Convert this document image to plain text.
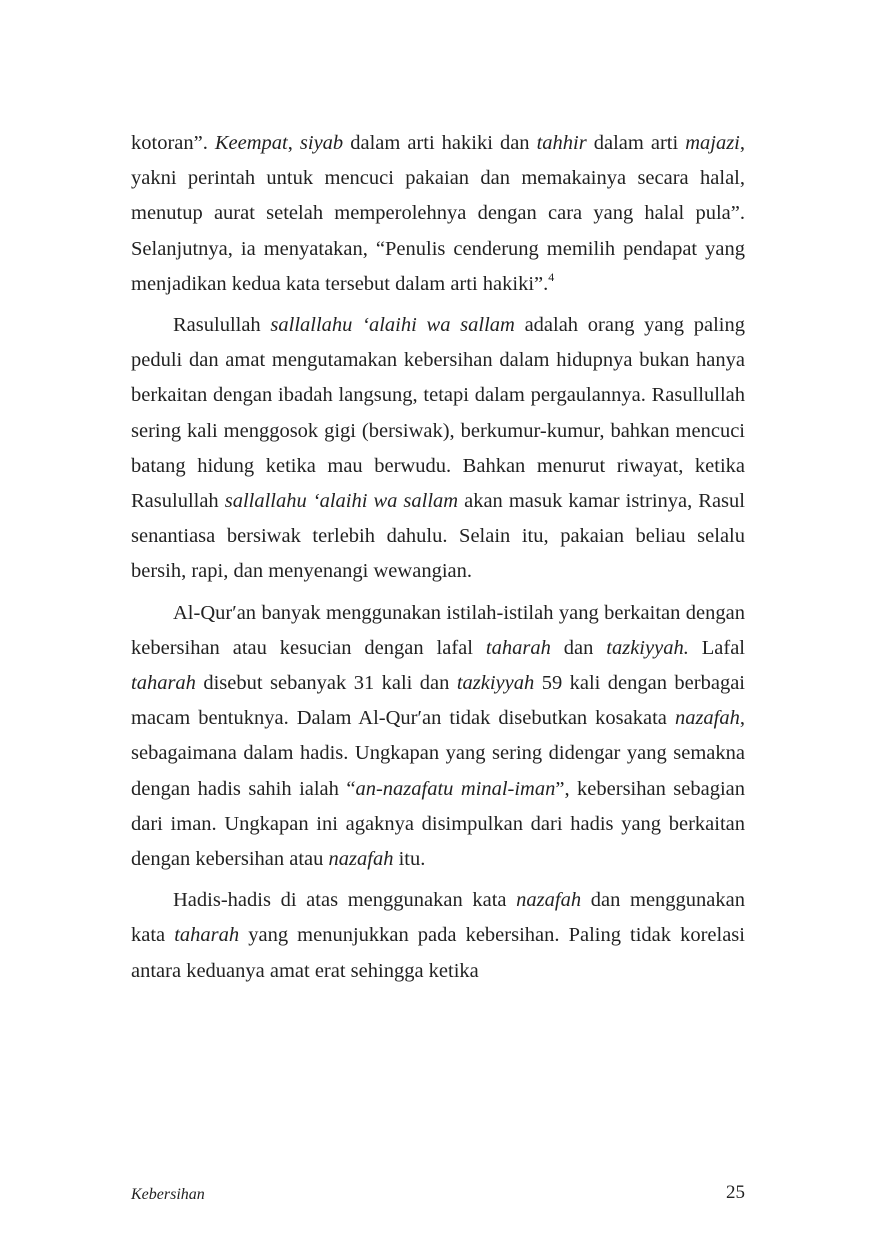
kotoran”. Keempat, siyab dalam arti hakiki dan tahhir dalam arti majazi, yakni perintah untuk mencuci pakaian dan memakainya secara halal, menutup aurat setelah memperolehnya dengan cara yang halal pula”. Selanjutnya, ia menyatakan, “Penulis cenderung memilih pendapat yang menjadikan kedua kata tersebut dalam arti hakiki”.$^4$

Rasulullah sallallahu ‘alaihi wa sallam adalah orang yang paling peduli dan amat mengutamakan kebersihan dalam hidupnya bukan hanya berkaitan dengan ibadah langsung, tetapi dalam pergaulannya. Rasullullah sering kali menggosok gigi (bersiwak), berkumur-kumur, bahkan mencuci batang hidung ketika mau berwudu. Bahkan menurut riwayat, ketika Rasulullah sallallahu ‘alaihi wa sallam akan masuk kamar istrinya, Rasul senantiasa bersiwak terlebih dahulu. Selain itu, pakaian beliau selalu bersih, rapi, dan menyenangi wewangian.

Al-Qur′an banyak menggunakan istilah-istilah yang berkaitan dengan kebersihan atau kesucian dengan lafal taharah dan tazkiyyah. Lafal taharah disebut sebanyak 31 kali dan tazkiyyah 59 kali dengan berbagai macam bentuknya. Dalam Al-Qur′an tidak disebutkan kosakata nazafah, sebagaimana dalam hadis. Ungkapan yang sering didengar yang semakna dengan hadis sahih ialah “an-nazafatu minal-iman”, kebersihan sebagian dari iman. Ungkapan ini agaknya disimpulkan dari hadis yang berkaitan dengan kebersihan atau nazafah itu.

Hadis-hadis di atas menggunakan kata nazafah dan menggunakan kata taharah yang menunjukkan pada kebersihan. Paling tidak korelasi antara keduanya amat erat sehingga ketika

Kebersihan	25
